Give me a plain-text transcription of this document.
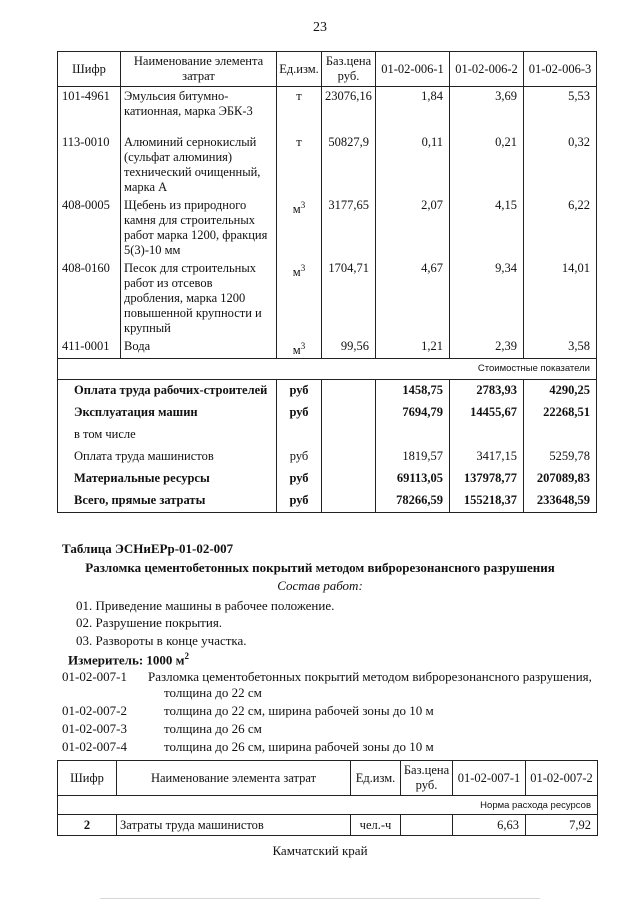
23
Шифр	Наименование элемента затрат	Ед.изм.	Баз.цена руб.	01-02-006-1	01-02-006-2	01-02-006-3
101-4961	Эмульсия битумно-катионная, марка ЭБК-3	т	23076,16	1,84	3,69	5,53
113-0010	Алюминий сернокислый (сульфат алюминия) технический очищенный, марка А	т	50827,9	0,11	0,21	0,32
408-0005	Щебень из природного камня для строительных работ марка 1200, фракция 5(3)-10 мм	$м^3$	3177,65	2,07	4,15	6,22
408-0160	Песок для строительных работ из отсевов дробления, марка 1200 повышенной крупности и крупный	$м^3$	1704,71	4,67	9,34	14,01
411-0001	Вода	$м^3$	99,56	1,21	2,39	3,58
Стоимостные показатели						
Оплата труда рабочих-строителей		руб		1458,75	2783,93	4290,25
Эксплуатация машин		руб		7694,79	14455,67	22268,51
в том числе						
Оплата труда машинистов		руб		1819,57	3417,15	5259,78
Материальные ресурсы		руб		69113,05	137978,77	207089,83
Всего, прямые затраты		руб		78266,59	155218,37	233648,59
Таблица ЭСНиЕРр-01-02-007
Разломка цементобетонных покрытий методом виброрезонансного разрушения
Состав работ:
01. Приведение машины в рабочее положение.
02. Разрушение покрытия.
03. Развороты в конце участка.
Измеритель: 1000 $м^2$
01-02-007-1 Разломка цементобетонных покрытий методом виброрезонансного разрушения,
толщина до 22 см
01-02-007-2	толщина до 22 см, ширина рабочей зоны до 10 м
01-02-007-3	толщина до 26 см
01-02-007-4	толщина до 26 см, ширина рабочей зоны до 10 м
Шифр	Наименование элемента затрат	Ед.изм.	Баз.цена руб.	01-02-007-1	01-02-007-2
Норма расхода ресурсов					
2	Затраты труда машинистов	чел.-ч		6,63	7,92
Камчатский край
